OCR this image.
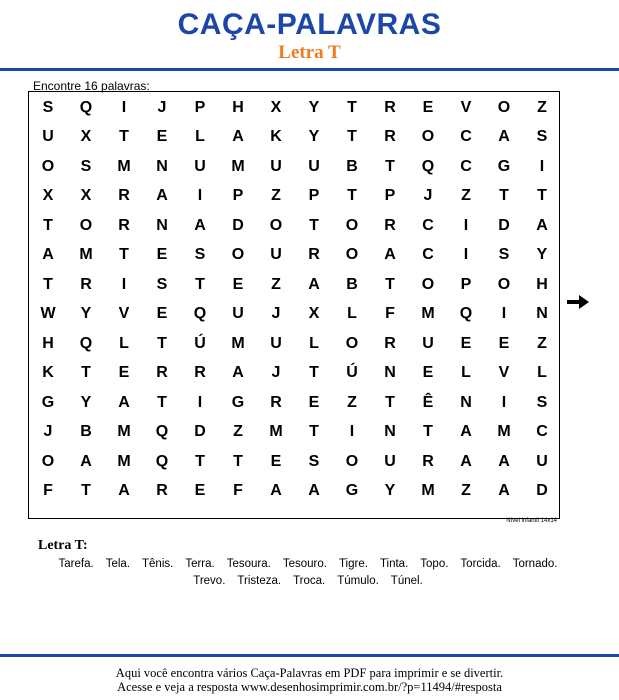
CAÇA-PALAVRAS
Letra T
Encontre 16 palavras:
S	Q	I	J	P	H	X	Y	T	R	E	V	O	Z
U	X	T	E	L	A	K	Y	T	R	O	C	A	S
O	S	M	N	U	M	U	U	B	T	Q	C	G	I
X	X	R	A	I	P	Z	P	T	P	J	Z	T	T
T	O	R	N	A	D	O	T	O	R	C	I	D	A
A	M	T	E	S	O	U	R	O	A	C	I	S	Y
T	R	I	S	T	E	Z	A	B	T	O	P	O	H
W	Y	V	E	Q	U	J	X	L	F	M	Q	I	N
H	Q	L	T	Ú	M	U	L	O	R	U	E	E	Z
K	T	E	R	R	A	J	T	Ú	N	E	L	V	L
G	Y	A	T	I	G	R	E	Z	T	Ê	N	I	S
J	B	M	Q	D	Z	M	T	I	N	T	A	M	C
O	A	M	Q	T	T	E	S	O	U	R	A	A	U
F	T	A	R	E	F	A	A	G	Y	M	Z	A	D
Nível infantil 14x14
Letra T:
Tarefa. Tela. Tênis. Terra. Tesoura. Tesouro. Tigre. Tinta. Topo. Torcida. Tornado.
Trevo. Tristeza. Troca. Túmulo. Túnel.
Aqui você encontra vários Caça-Palavras em PDF para imprimir e se divertir.
Acesse e veja a resposta www.desenhosimprimir.com.br/?p=11494/#resposta
